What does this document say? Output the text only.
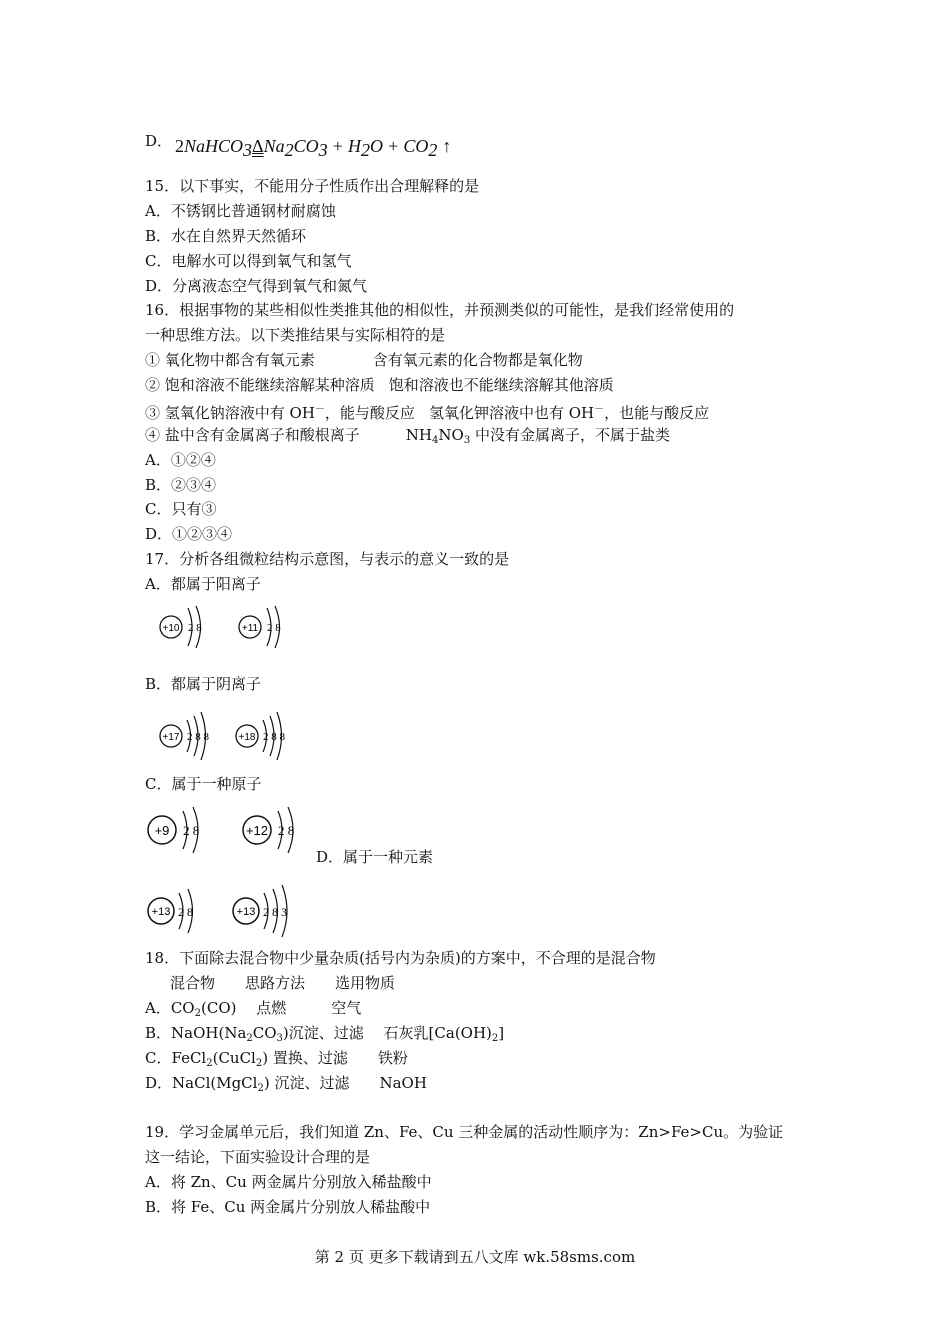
D． $2NaHCO_3\Delta Na_2CO_3 + H_2O + CO_2$ ↑
15．以下事实，不能用分子性质作出合理解释的是
A．不锈钢比普通钢材耐腐蚀
B．水在自然界天然循环
C．电解水可以得到氧气和氢气
D．分离液态空气得到氧气和氮气
16．根据事物的某些相似性类推其他的相似性，并预测类似的可能性，是我们经常使用的
一种思维方法。以下类推结果与实际相符的是
① 氧化物中都含有氧元素	含有氧元素的化合物都是氧化物
② 饱和溶液不能继续溶解某种溶质 饱和溶液也不能继续溶解其他溶质
③ 氢氧化钠溶液中有 OH－，能与酸反应 氢氧化钾溶液中也有 OH－，也能与酸反应
④ 盐中含有金属离子和酸根离子	$NH_4NO_3$ 中没有金属离子，不属于盐类
A．①②④
B．②③④
C．只有③
D．①②③④
17．分析各组微粒结构示意图，与表示的意义一致的是
A．都属于阳离子
+10 2 8	+11 2 8
B．都属于阴离子
+17 2 8 8	+18 2 8 8
C．属于一种原子
+9 2 8	+12 2 8
D．属于一种元素
+13 2 8	+13 2 8 3
18．下面除去混合物中少量杂质(括号内为杂质)的方案中，不合理的是混合物
混合物　　思路方法　　选用物质
A．$CO_2(CO)$　 点燃　　　空气
B．$NaOH(Na_2CO_3)$沉淀、过滤　 石灰乳$[Ca(OH)_2]$
C．FeCl$_2$(CuCl$_2$) 置换、过滤　　铁粉
D．NaCl(MgCl$_2$) 沉淀、过滤　　NaOH
19．学习金属单元后，我们知道 Zn、Fe、Cu 三种金属的活动性顺序为：Zn>Fe>Cu。为验证
这一结论，下面实验设计合理的是
A．将 Zn、Cu 两金属片分别放入稀盐酸中
B．将 Fe、Cu 两金属片分别放人稀盐酸中
第 2 页 更多下载请到五八文库 wk.58sms.com
